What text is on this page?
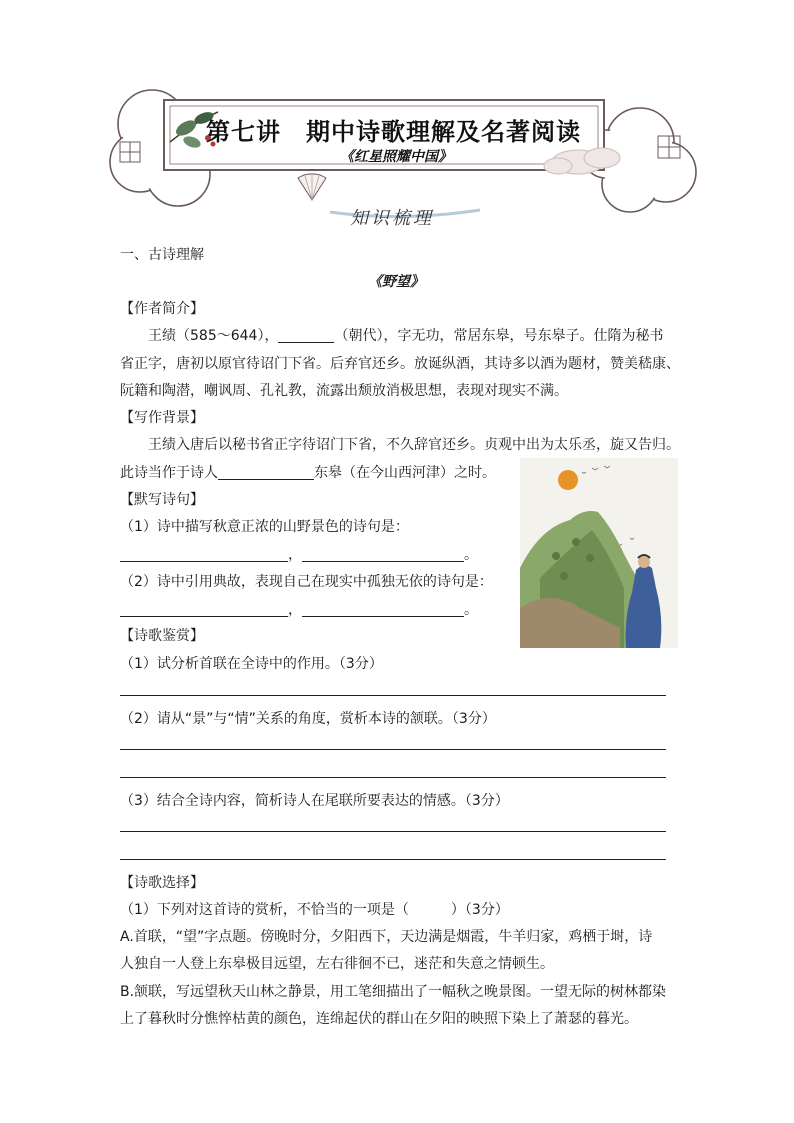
第七讲　期中诗歌理解及名著阅读
《红星照耀中国》
知识梳理
一、古诗理解
《野望》
【作者简介】
王绩（585～644），	（朝代），字无功，常居东皋，号东皋子。仕隋为秘书
省正字，唐初以原官待诏门下省。后弃官还乡。放诞纵酒，其诗多以酒为题材，赞美嵇康、
阮籍和陶潜，嘲讽周、孔礼教，流露出颓放消极思想，表现对现实不满。
【写作背景】
王绩入唐后以秘书省正字待诏门下省，不久辞官还乡。贞观中出为太乐丞，旋又告归。
此诗当作于诗人	东皋（在今山西河津）之时。
【默写诗句】
（1）诗中描写秋意正浓的山野景色的诗句是：
，	。
（2）诗中引用典故，表现自己在现实中孤独无依的诗句是：
，	。
【诗歌鉴赏】
（1）试分析首联在全诗中的作用。（3分）
（2）请从“景”与“情”关系的角度，赏析本诗的颔联。（3分）
（3）结合全诗内容，简析诗人在尾联所要表达的情感。（3分）
【诗歌选择】
（1）下列对这首诗的赏析，不恰当的一项是（　　　）（3分）
A.首联，“望”字点题。傍晚时分，夕阳西下，天边满是烟霞，牛羊归家，鸡栖于埘，诗
人独自一人登上东皋极目远望，左右徘徊不已，迷茫和失意之情顿生。
B.颔联，写远望秋天山林之静景，用工笔细描出了一幅秋之晚景图。一望无际的树林都染
上了暮秋时分憔悴枯黄的颜色，连绵起伏的群山在夕阳的映照下染上了萧瑟的暮光。
